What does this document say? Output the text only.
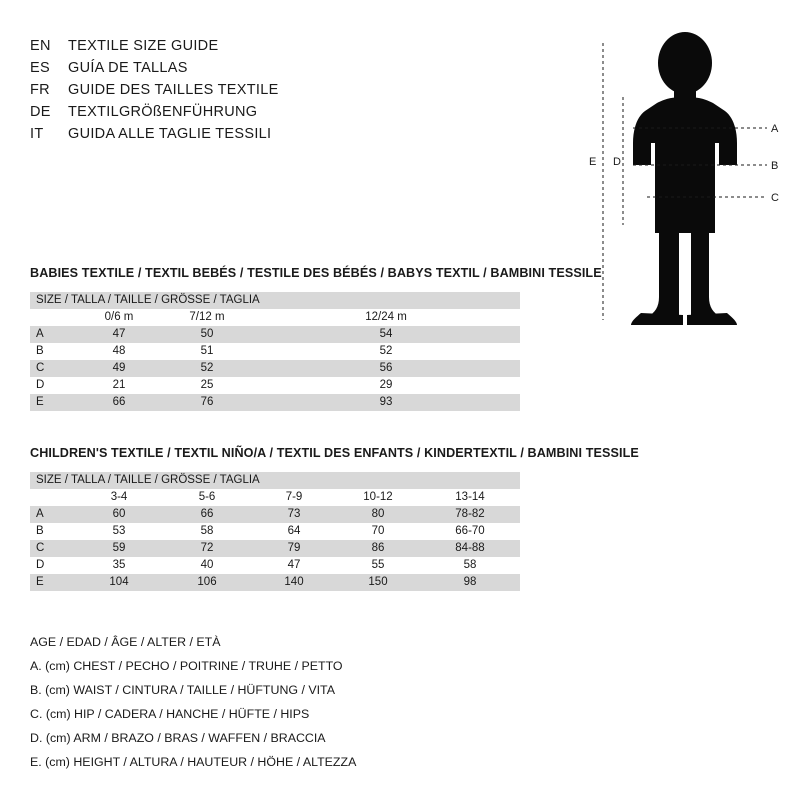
EN	TEXTILE SIZE GUIDE
ES	GUÍA DE TALLAS
FR	GUIDE DES TAILLES TEXTILE
DE	TEXTILGRÖßENFÜHRUNG
IT	GUIDA ALLE TAGLIE TESSILI	A
B
C
D
E
BABIES TEXTILE / TEXTIL BEBÉS / TESTILE DES BÉBÉS / BABYS TEXTIL / BAMBINI TESSILE
SIZE / TALLA / TAILLE / GRÖSSE / TAGLIA			
	0/6 m	7/12 m	12/24 m
A	47	50	54
B	48	51	52
C	49	52	56
D	21	25	29
E	66	76	93
CHILDREN'S TEXTILE / TEXTIL NIÑO/A / TEXTIL DES ENFANTS / KINDERTEXTIL / BAMBINI TESSILE
SIZE / TALLA / TAILLE / GRÖSSE / TAGLIA					
	3-4	5-6	7-9	10-12	13-14
A	60	66	73	80	78-82
B	53	58	64	70	66-70
C	59	72	79	86	84-88
D	35	40	47	55	58
E	104	106	140	150	98
AGE / EDAD / ÂGE / ALTER / ETÀ
A. (cm) CHEST / PECHO / POITRINE / TRUHE / PETTO
B. (cm) WAIST / CINTURA / TAILLE / HÜFTUNG / VITA
C. (cm) HIP / CADERA / HANCHE / HÜFTE / HIPS
D. (cm) ARM / BRAZO / BRAS / WAFFEN / BRACCIA
E. (cm) HEIGHT / ALTURA / HAUTEUR / HÖHE / ALTEZZA
